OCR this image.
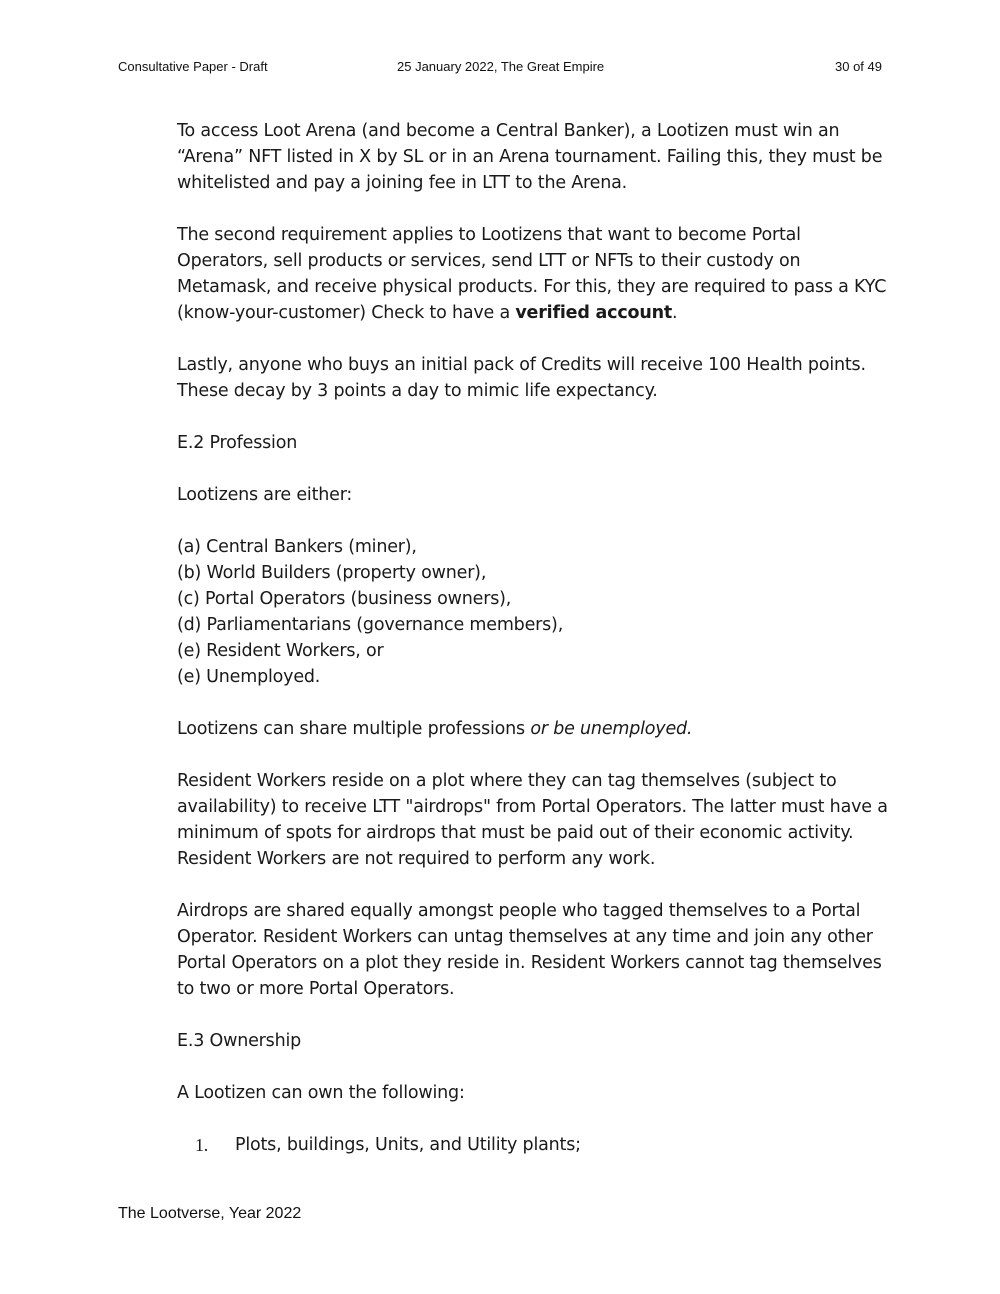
Consultative Paper - Draft	25 January 2022, The Great Empire	30 of 49

To access Loot Arena (and become a Central Banker), a Lootizen must win an “Arena” NFT listed in X by SL or in an Arena tournament. Failing this, they must be whitelisted and pay a joining fee in LTT to the Arena.

The second requirement applies to Lootizens that want to become Portal Operators, sell products or services, send LTT or NFTs to their custody on Metamask, and receive physical products. For this, they are required to pass a KYC (know-your-customer) Check to have a verified account.

Lastly, anyone who buys an initial pack of Credits will receive 100 Health points. These decay by 3 points a day to mimic life expectancy.

E.2 Profession

Lootizens are either:

(a) Central Bankers (miner),
(b) World Builders (property owner),
(c) Portal Operators (business owners),
(d) Parliamentarians (governance members),
(e) Resident Workers, or
(e) Unemployed.

Lootizens can share multiple professions or be unemployed.

Resident Workers reside on a plot where they can tag themselves (subject to availability) to receive LTT "airdrops" from Portal Operators. The latter must have a minimum of spots for airdrops that must be paid out of their economic activity. Resident Workers are not required to perform any work.

Airdrops are shared equally amongst people who tagged themselves to a Portal Operator. Resident Workers can untag themselves at any time and join any other Portal Operators on a plot they reside in. Resident Workers cannot tag themselves to two or more Portal Operators.

E.3 Ownership

A Lootizen can own the following:

1.	Plots, buildings, Units, and Utility plants;
The Lootverse, Year 2022
